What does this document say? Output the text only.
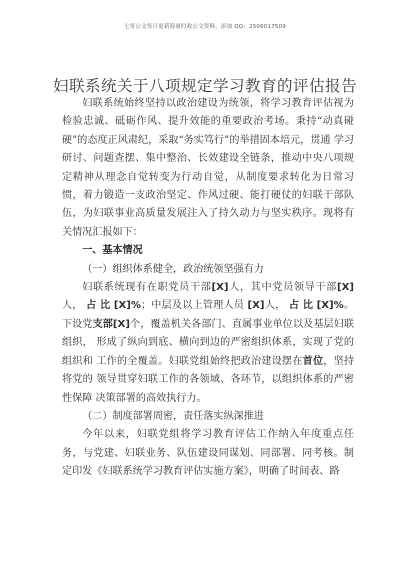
七哥公文每日更新海量时政公文资料，添加 QQ：2506017509
妇联系统关于八项规定学习教育的评估报告

妇联系统始终坚持以政治建设为统领，将学习教育评估视为检验忠诚、砥砺作风、提升效能的重要政治考场。秉持“动真碰硬”的态度正风肃纪，采取“务实笃行”的举措固本培元，贯通 学习研讨、问题查摆、集中整治、长效建设全链条，推动中央八项规定精神从理念自觉转变为行动自觉，从制度要求转化为日常习惯，着力锻造一支政治坚定、作风过硬、能打硬仗的妇联干部队伍，为妇联事业高质量发展注入了持久动力与坚实秩序。现将有关情况汇报如下：

一、基本情况

（一）组织体系健全，政治统领坚强有力

妇联系统现有在职党员干部[X]人，其中党员领导干部[X]人， 占 比 [X]%；中层及以上管理人员 [X]人， 占 比 [X]%。下设党支部[X]个，覆盖机关各部门、直属事业单位以及基层妇联组织， 形成了纵向到底、横向到边的严密组织体系，实现了党的组织和 工作的全覆盖。妇联党组始终把政治建设摆在首位，坚持将党的 领导贯穿妇联工作的各领域、各环节，以组织体系的严密性保障 决策部署的高效执行力。

（二）制度部署周密，责任落实纵深推进

今年以来，妇联党组将学习教育评估工作纳入年度重点任务，与党建、妇联业务、队伍建设同谋划、同部署、同考核。制定印发《妇联系统学习教育评估实施方案》，明确了时间表、路
